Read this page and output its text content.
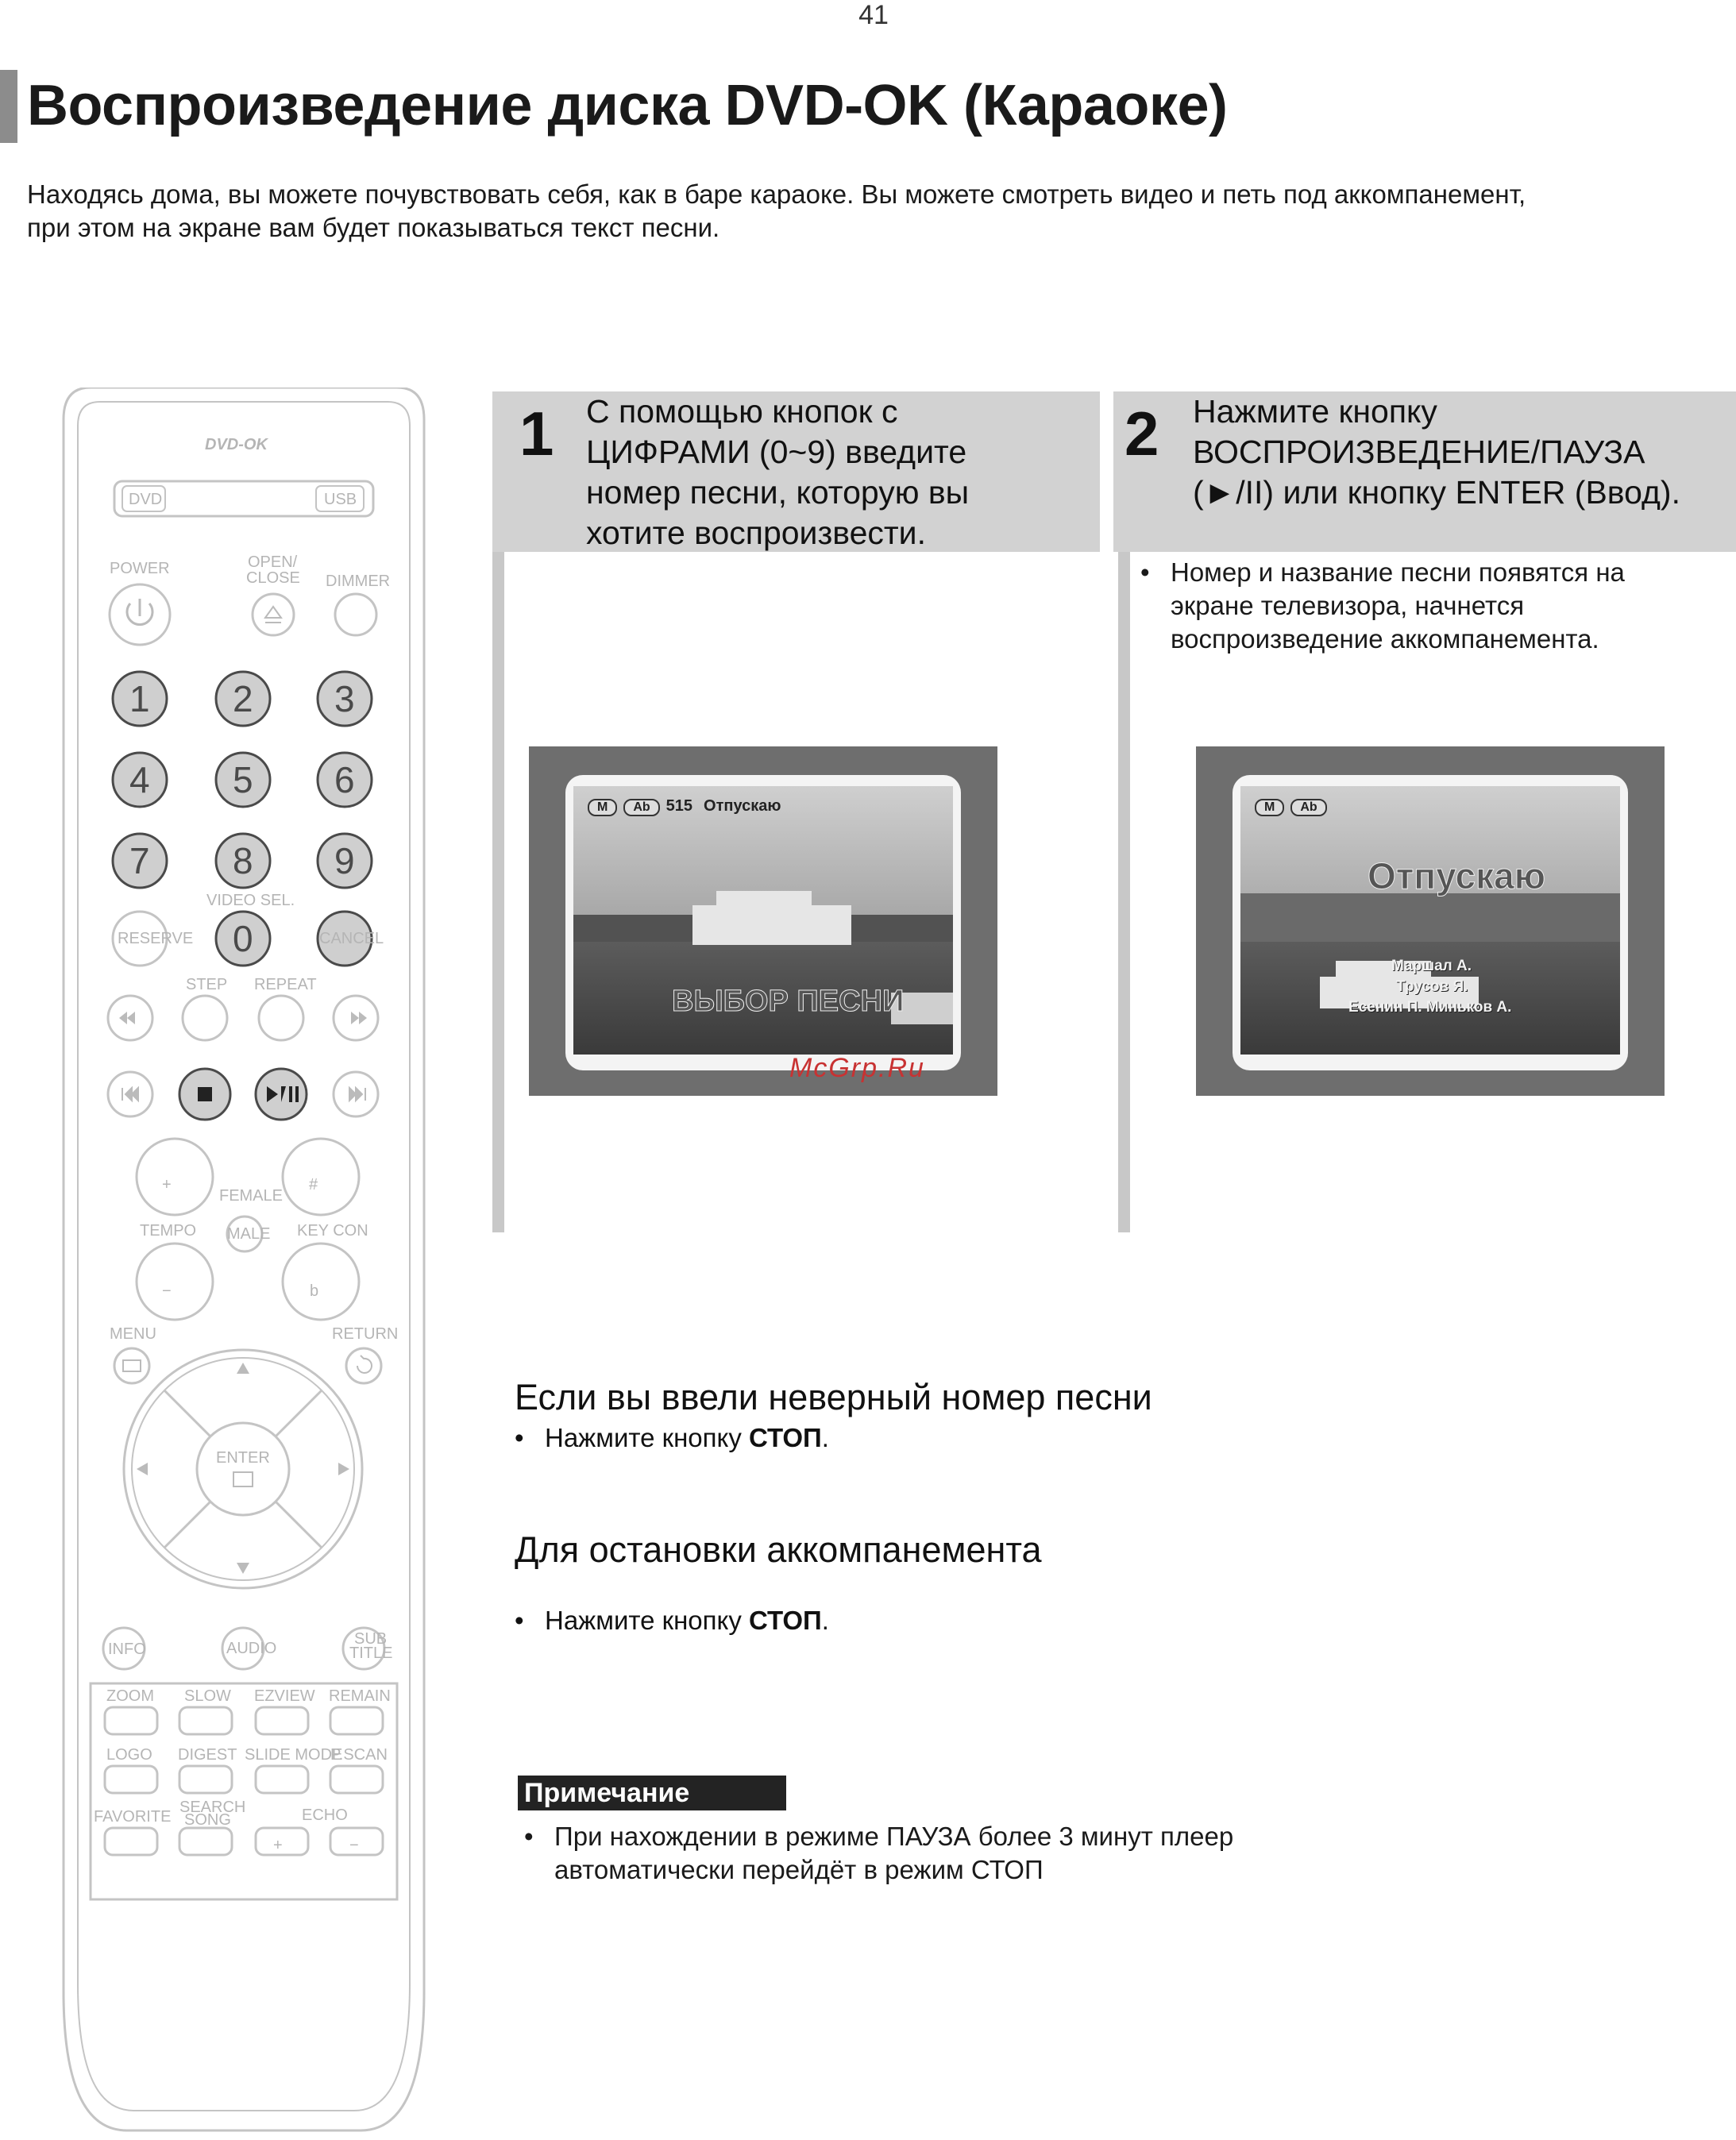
41
Воспроизведение диска DVD-OK (Караоке)
Находясь дома, вы можете почувствовать себя, как в баре караоке. Вы можете смотреть видео и петь под аккомпанемент,
при этом на экране вам будет показываться текст песни.
DVD-OK
DVD	USB
POWER	OPEN/
CLOSE DIMMER
1 2 3
4 5 6
7 8 9
0
VIDEO SEL.
RESERVE	CANCEL
STEP REPEAT
+	#
FEMALE
MALE
TEMPO	KEY CON
−	b
MENU	RETURN
ENTER
INFO	AUDIO
SUB
TITLE
ZOOM SLOW EZVIEW REMAIN
LOGO DIGEST SLIDE MODE
P.SCAN
FAVORITE
SEARCH
SONG	ECHO
+	−
1 С помощью кнопок с
ЦИФРАМИ (0~9) введите
номер песни, которую вы
хотите воспроизвести.
2 Нажмите кнопку
ВОСПРОИЗВЕДЕНИЕ/ПАУЗА
(►/II) или кнопку ENTER (Ввод).
• Номер и название песни появятся на
экране телевизора, начнется
воспроизведение аккомпанемента.
M Ab 515 Отпускаю
ВЫБОР ПЕСНИ
M Ab
Отпускаю
Маршал А.
Трусов Я.
Есенин П. Миньков А.
McGrp.Ru
Если вы ввели неверный номер песни
• Нажмите кнопку СТОП.
Для остановки аккомпанемента
• Нажмите кнопку СТОП.
Примечание
• При нахождении в режиме ПАУЗА более 3 минут плеер
автоматически перейдёт в режим СТОП
